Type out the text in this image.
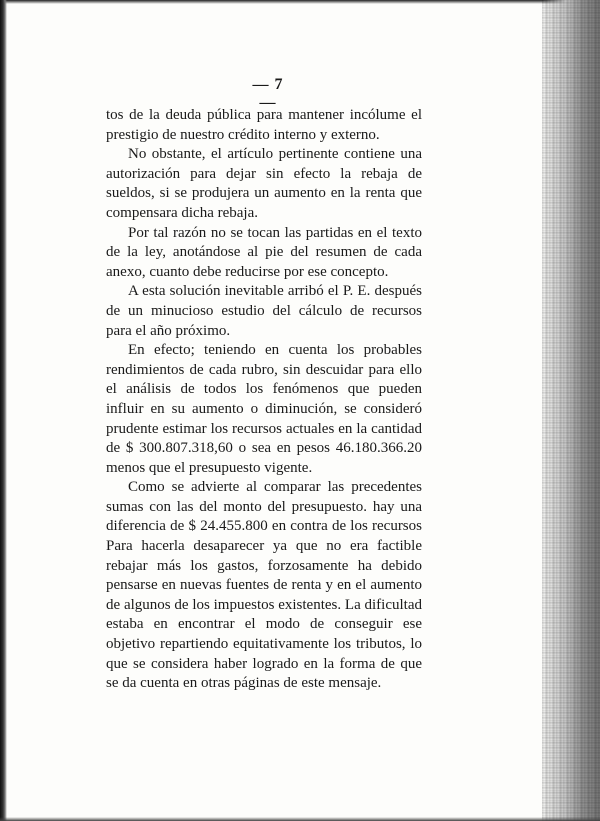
— 7 —

tos de la deuda pública para mantener incólume el prestigio de nuestro crédito interno y externo.

No obstante, el artículo pertinente contiene una autorización para dejar sin efecto la rebaja de sueldos, si se produjera un aumento en la renta que compensara dicha rebaja.

Por tal razón no se tocan las partidas en el texto de la ley, anotándose al pie del resumen de cada anexo, cuanto debe reducirse por ese concepto.

A esta solución inevitable arribó el P. E. después de un minucioso estudio del cálculo de recursos para el año próximo.

En efecto; teniendo en cuenta los probables rendimientos de cada rubro, sin descuidar para ello el análisis de todos los fenómenos que pueden influir en su aumento o diminución, se consideró prudente estimar los recursos actuales en la cantidad de $ 300.807.318,60 o sea en pesos 46.180.366.20 menos que el presupuesto vigente.

Como se advierte al comparar las precedentes sumas con las del monto del presupuesto. hay una diferencia de $ 24.455.800 en contra de los recursos Para hacerla desaparecer ya que no era factible rebajar más los gastos, forzosamente ha debido pensarse en nuevas fuentes de renta y en el aumento de algunos de los impuestos existentes. La dificultad estaba en encontrar el modo de conseguir ese objetivo repartiendo equitativamente los tributos, lo que se considera haber logrado en la forma de que se da cuenta en otras páginas de este mensaje.
